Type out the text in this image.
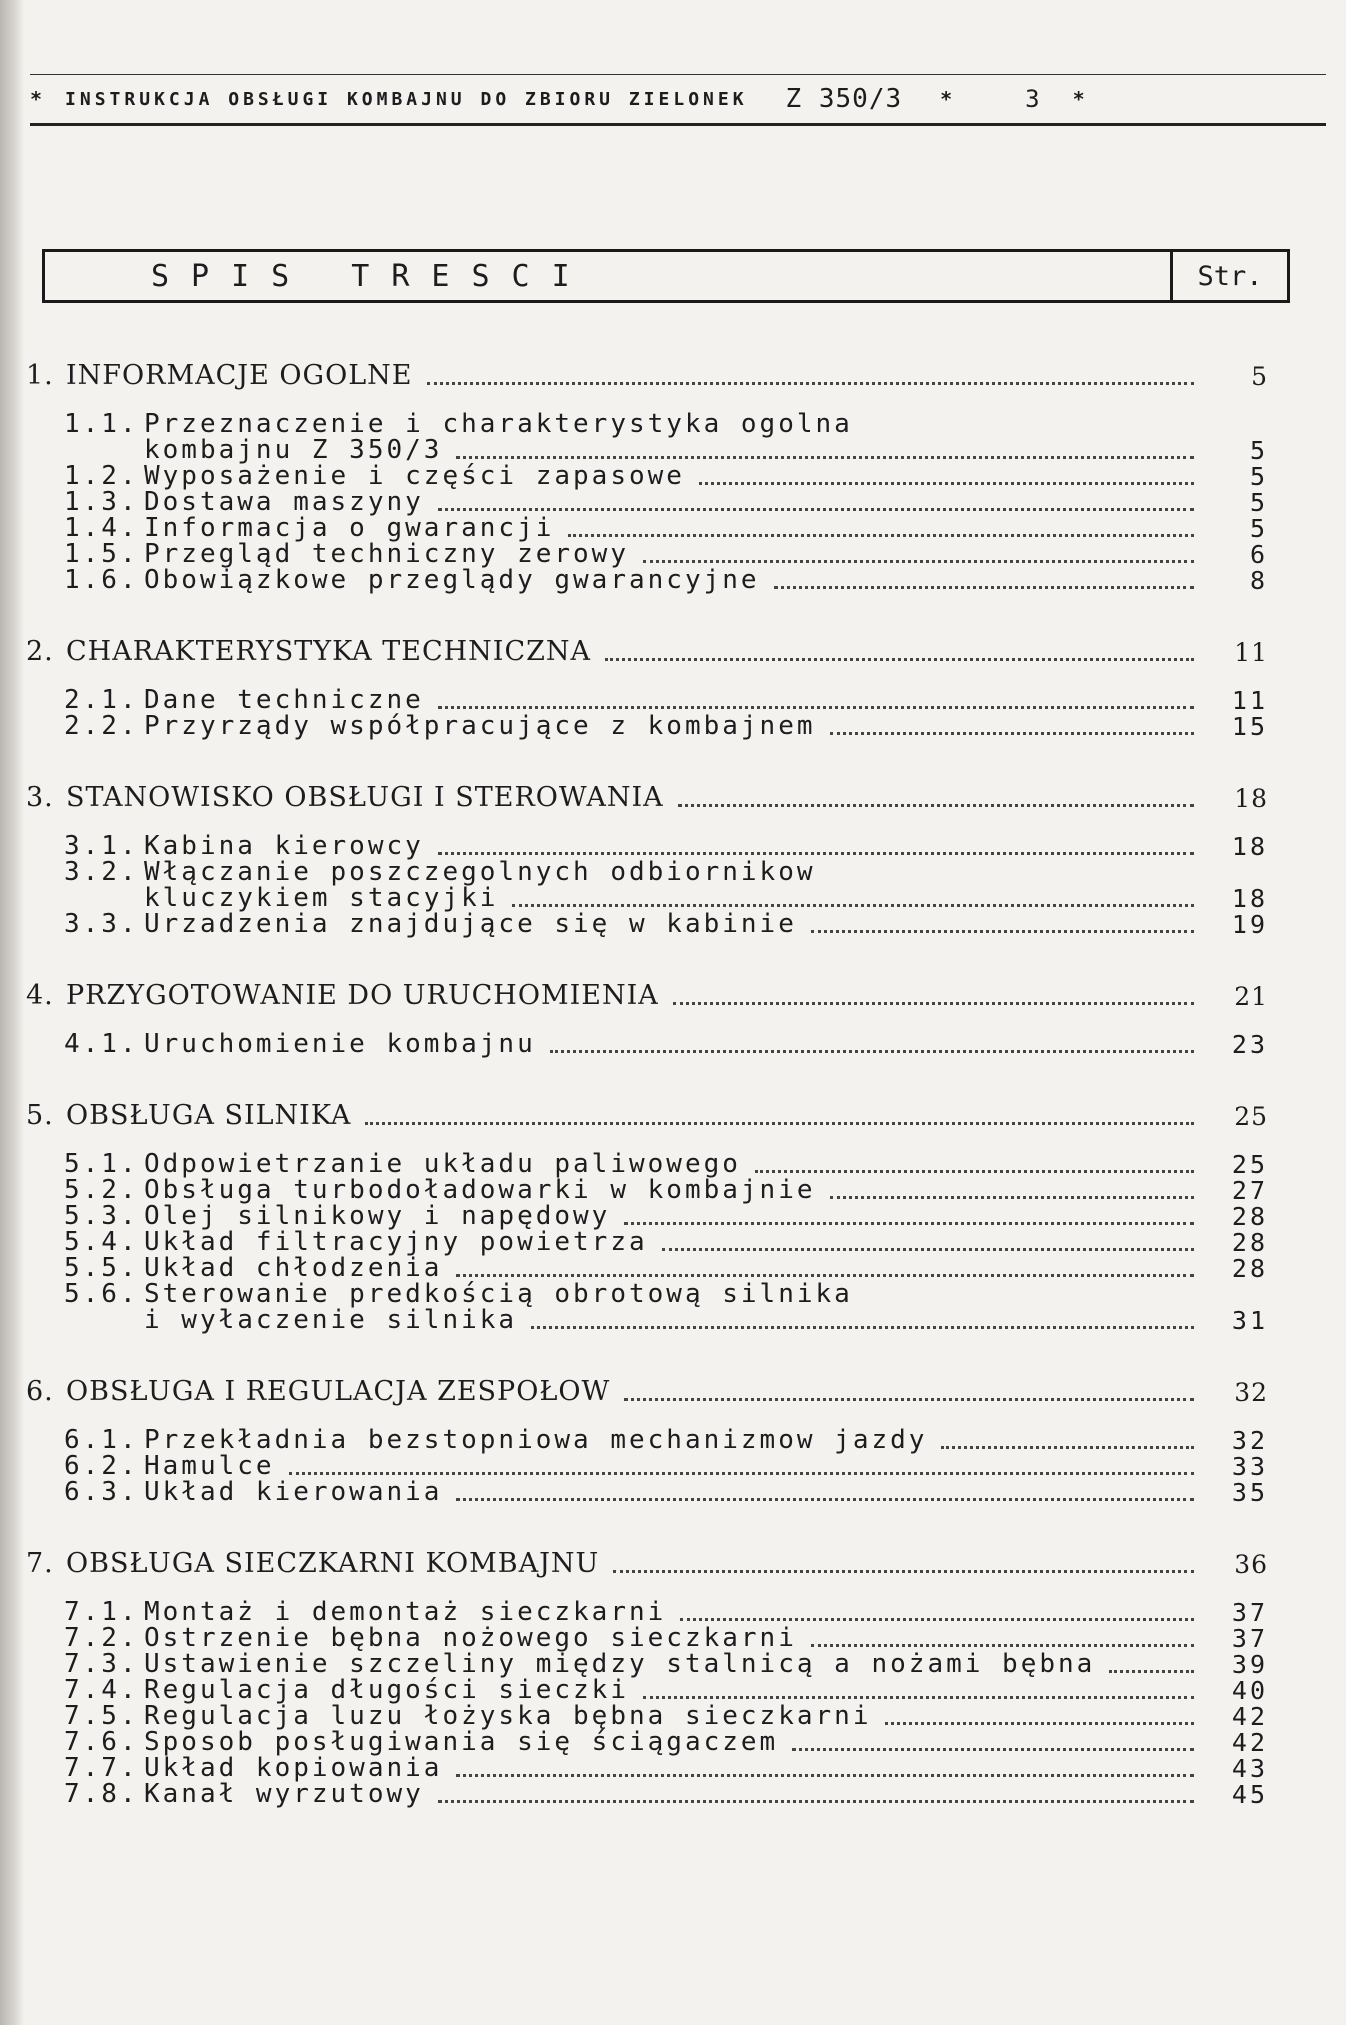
* INSTRUKCJA OBSŁUGI KOMBAJNU DO ZBIORU ZIELONEK Z 350/3 *	3 *
SPIS TRESCI	Str.
1. INFORMACJE OGOLNE	5
1.1. Przeznaczenie i charakterystyka ogolna
kombajnu Z 350/3	5
1.2. Wyposażenie i części zapasowe	5
1.3. Dostawa maszyny	5
1.4. Informacja o gwarancji	5
1.5. Przegląd techniczny zerowy	6
1.6. Obowiązkowe przeglądy gwarancyjne	8
2. CHARAKTERYSTYKA TECHNICZNA	11
2.1. Dane techniczne	11
2.2. Przyrządy współpracujące z kombajnem	15
3. STANOWISKO OBSŁUGI I STEROWANIA	18
3.1. Kabina kierowcy	18
3.2. Włączanie poszczegolnych odbiornikow
kluczykiem stacyjki	18
3.3. Urzadzenia znajdujące się w kabinie	19
4. PRZYGOTOWANIE DO URUCHOMIENIA	21
4.1. Uruchomienie kombajnu	23
5. OBSŁUGA SILNIKA	25
5.1. Odpowietrzanie układu paliwowego	25
5.2. Obsługa turbodoładowarki w kombajnie	27
5.3. Olej silnikowy i napędowy	28
5.4. Układ filtracyjny powietrza	28
5.5. Układ chłodzenia	28
5.6. Sterowanie predkością obrotową silnika
i wyłaczenie silnika	31
6. OBSŁUGA I REGULACJA ZESPOŁOW	32
6.1. Przekładnia bezstopniowa mechanizmow jazdy	32
6.2. Hamulce	33
6.3. Układ kierowania	35
7. OBSŁUGA SIECZKARNI KOMBAJNU	36
7.1. Montaż i demontaż sieczkarni	37
7.2. Ostrzenie bębna nożowego sieczkarni	37
7.3. Ustawienie szczeliny między stalnicą a nożami bębna	39
7.4. Regulacja długości sieczki	40
7.5. Regulacja luzu łożyska bębna sieczkarni	42
7.6. Sposob posługiwania się ściągaczem	42
7.7. Układ kopiowania	43
7.8. Kanał wyrzutowy	45
